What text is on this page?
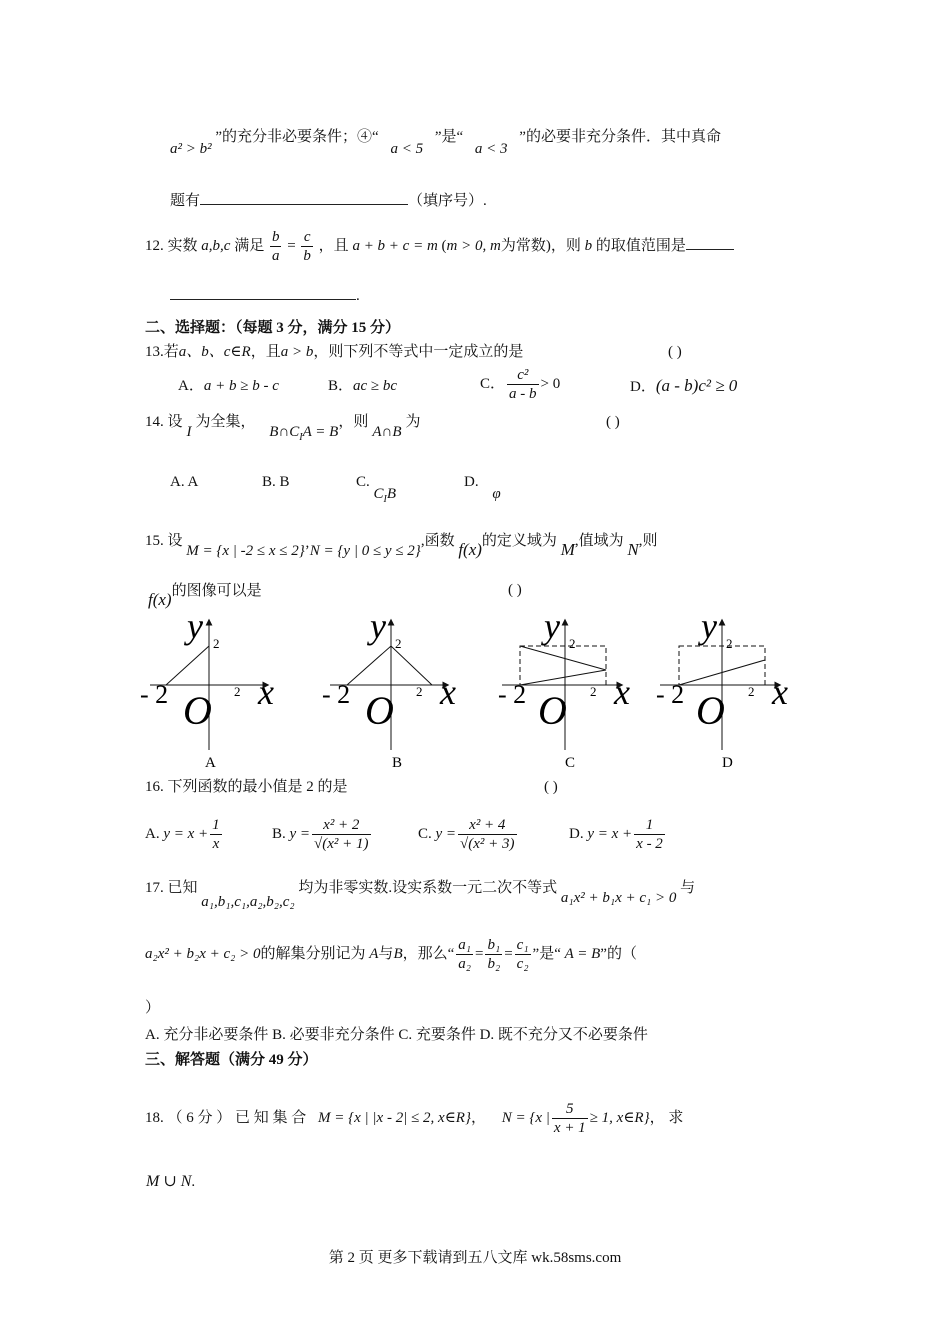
a² > b² ”的充分非必要条件；④“ a < 5 ”是“ a < 3 ”的必要非充分条件．其中真命
题有	（填序号）.
12. 实数 a,b,c 满足 $\frac{b}{a} = \frac{c}{b}$ ，且 a + b + c = m (m > 0, m为常数)，则 b 的取值范围是
.
二、选择题：（每题 3 分，满分 15 分）
13.若a、b、c∈R，且a > b，则下列不等式中一定成立的是	( )
A．a + b ≥ b - c	B．ac ≥ bc	C． $\frac{\text{c²}}{a - b} > 0$	D．(a - b)c² ≥ 0
14. 设I为全集， $B\cap C_IA = B$，则A∩B为	( )
A. A	B. B	C. $C_IB$
D. φ
15. 设 M = {x | -2 ≤ x ≤ 2}’N = {y | 0 ≤ y ≤ 2},函数 f(x)的定义域为 M,值域为 N,则
f(x)的图像可以是	( )
y
x
O
- 2
2
2
y
x
O
- 2
2
2
y
x
O
- 2
2
2
y
x
O
- 2
2
2
A	B	C	D
16. 下列函数的最小值是 2 的是	( )
A. $y = x + \frac{1}{x}$	B. $y = \frac{\text{x² + 2}}{\text{√(x² + 1)}}$	C. $y = \frac{\text{x² + 4}}{\text{√(x² + 3)}}$	D. $y = x + \frac{1}{x - 2}$
17. 已知 a₁,b₁,c₁,a₂,b₂,c₂ 均为非零实数.设实系数一元二次不等式 a₁x² + b₁x + c₁ > 0 与
a₂x² + b₂x + c₂ > 0的解集分别记为 A与B，那么“ $\frac{\text{a₁}}{\text{a₂}} = \frac{\text{b₁}}{\text{b₂}} = \frac{\text{c₁}}{\text{c₂}}$ ”是“ A = B”的（
）
A. 充分非必要条件 B. 必要非充分条件 C. 充要条件 D. 既不充分又不必要条件
三、解答题（满分 49 分）
18. （ 6 分 ） 已 知 集 合 M = {x | |x - 2| ≤ 2, x∈R}， N = {x | $\frac{5}{x + 1} \ge 1$, x∈R}， 求
M ∪ N.
第 2 页 更多下载请到五八文库 wk.58sms.com
